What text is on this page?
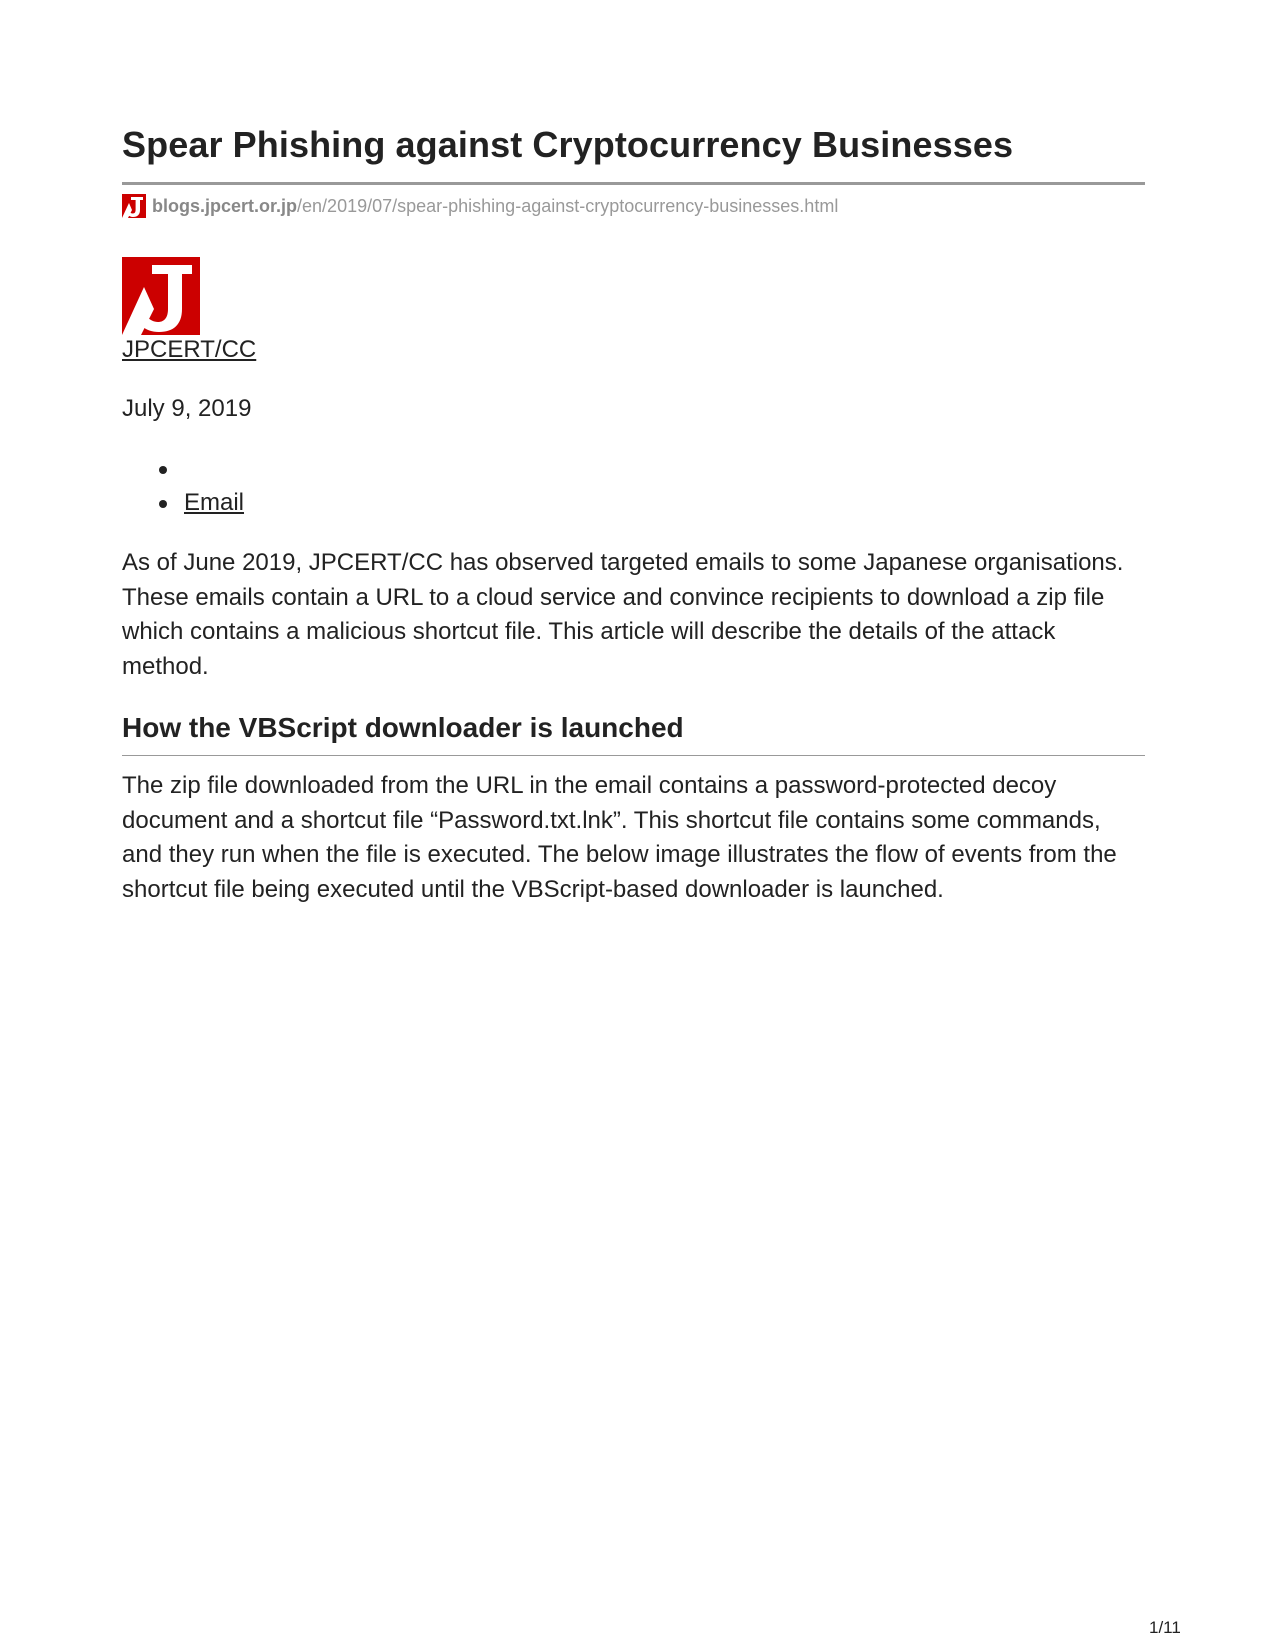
Spear Phishing against Cryptocurrency Businesses
blogs.jpcert.or.jp /en/2019/07/spear-phishing-against-cryptocurrency-businesses.html
JPCERT/CC
July 9, 2019
Email

As of June 2019, JPCERT/CC has observed targeted emails to some Japanese organisations. These emails contain a URL to a cloud service and convince recipients to download a zip file which contains a malicious shortcut file. This article will describe the details of the attack method.

How the VBScript downloader is launched

The zip file downloaded from the URL in the email contains a password-protected decoy document and a shortcut file “Password.txt.lnk”. This shortcut file contains some commands, and they run when the file is executed. The below image illustrates the flow of events from the shortcut file being executed until the VBScript-based downloader is launched.

1/11
